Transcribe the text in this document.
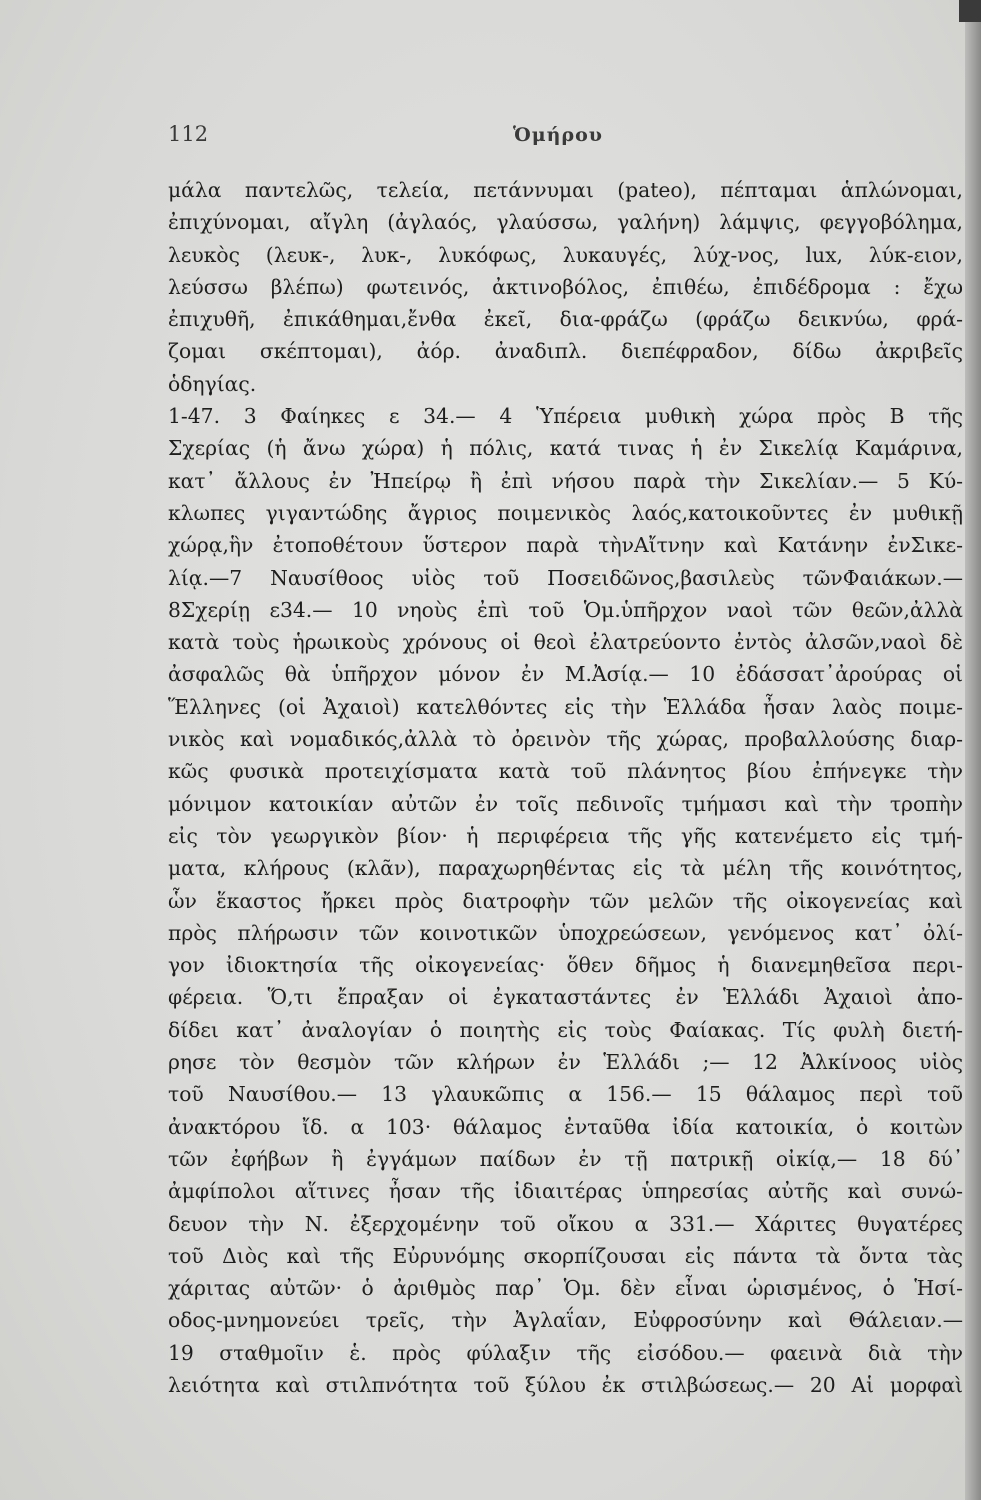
112	Ὁμήρου
μάλα παντελῶς, τελεία, πετάννυμαι (pateo), πέπταμαι ἁπλώνομαι,
ἐπιχύνομαι, αἴγλη (ἀγλαός, γλαύσσω, γαλήνη) λάμψις, φεγγοβόλημα,
λευκὸς (λευκ-, λυκ-, λυκόφως, λυκαυγές, λύχ-νος, lux, λύκ-ειον,
λεύσσω βλέπω) φωτεινός, ἀκτινοβόλος, ἐπιθέω, ἐπιδέδρομα : ἔχω
ἐπιχυθῆ, ἐπικάθημαι,ἔνθα ἐκεῖ, δια-φράζω (φράζω δεικνύω, φρά-
ζομαι σκέπτομαι), ἀόρ. ἀναδιπλ. διεπέφραδον, δίδω ἀκριβεῖς
ὁδηγίας.
1-47. 3 Φαίηκες ε 34.— 4 Ὑπέρεια μυθικὴ χώρα πρὸς Β τῆς
Σχερίας (ἡ ἄνω χώρα) ἡ πόλις, κατά τινας ἡ ἐν Σικελίᾳ Καμάρινα,
κατ᾽ ἄλλους ἐν Ἠπείρῳ ἢ ἐπὶ νήσου παρὰ τὴν Σικελίαν.— 5 Κύ-
κλωπες γιγαντώδης ἄγριος ποιμενικὸς λαός,κατοικοῦντες ἐν μυθικῇ
χώρᾳ,ἣν ἐτοποθέτουν ὕστερον παρὰ τὴνΑἴτνην καὶ Κατάνην ἐνΣικε-
λίᾳ.—7 Ναυσίθοος υἱὸς τοῦ Ποσειδῶνος,βασιλεὺς τῶνΦαιάκων.—
8Σχερίῃ ε34.— 10 νηοὺς ἐπὶ τοῦ Ὁμ.ὑπῆρχον ναοὶ τῶν θεῶν,ἀλλὰ
κατὰ τοὺς ἡρωικοὺς χρόνους οἱ θεοὶ ἐλατρεύοντο ἐντὸς ἀλσῶν,ναοὶ δὲ
ἀσφαλῶς θὰ ὑπῆρχον μόνον ἐν Μ.Ἀσίᾳ.— 10 ἐδάσσατ᾽ἀρούρας οἱ
Ἕλληνες (οἱ Ἀχαιοὶ) κατελθόντες εἰς τὴν Ἑλλάδα ἦσαν λαὸς ποιμε-
νικὸς καὶ νομαδικός,ἀλλὰ τὸ ὀρεινὸν τῆς χώρας, προβαλλούσης διαρ-
κῶς φυσικὰ προτειχίσματα κατὰ τοῦ πλάνητος βίου ἐπήνεγκε τὴν
μόνιμον κατοικίαν αὐτῶν ἐν τοῖς πεδινοῖς τμήμασι καὶ τὴν τροπὴν
εἰς τὸν γεωργικὸν βίον· ἡ περιφέρεια τῆς γῆς κατενέμετο εἰς τμή-
ματα, κλήρους (κλᾶν), παραχωρηθέντας εἰς τὰ μέλη τῆς κοινότητος,
ὧν ἕκαστος ἤρκει πρὸς διατροφὴν τῶν μελῶν τῆς οἰκογενείας καὶ
πρὸς πλήρωσιν τῶν κοινοτικῶν ὑποχρεώσεων, γενόμενος κατ᾽ ὀλί-
γον ἰδιοκτησία τῆς οἰκογενείας· ὅθεν δῆμος ἡ διανεμηθεῖσα περι-
φέρεια. Ὅ,τι ἔπραξαν οἱ ἐγκαταστάντες ἐν Ἑλλάδι Ἀχαιοὶ ἀπο-
δίδει κατ᾽ ἀναλογίαν ὁ ποιητὴς εἰς τοὺς Φαίακας. Τίς φυλὴ διετή-
ρησε τὸν θεσμὸν τῶν κλήρων ἐν Ἑλλάδι ;— 12 Ἀλκίνοος υἱὸς
τοῦ Ναυσίθου.— 13 γλαυκῶπις α 156.— 15 θάλαμος περὶ τοῦ
ἀνακτόρου ἴδ. α 103· θάλαμος ἐνταῦθα ἰδία κατοικία, ὁ κοιτὼν
τῶν ἐφήβων ἢ ἐγγάμων παίδων ἐν τῇ πατρικῇ οἰκίᾳ,— 18 δύ᾽
ἀμφίπολοι αἵτινες ἦσαν τῆς ἰδιαιτέρας ὑπηρεσίας αὐτῆς καὶ συνώ-
δευον τὴν Ν. ἐξερχομένην τοῦ οἴκου α 331.— Χάριτες θυγατέρες
τοῦ Διὸς καὶ τῆς Εὐρυνόμης σκορπίζουσαι εἰς πάντα τὰ ὄντα τὰς
χάριτας αὐτῶν· ὁ ἀριθμὸς παρ᾽ Ὁμ. δὲν εἶναι ὡρισμένος, ὁ Ἡσί-
οδος-μνημονεύει τρεῖς, τὴν Ἀγλαΐαν, Εὐφροσύνην καὶ Θάλειαν.—
19 σταθμοῖιν ἑ. πρὸς φύλαξιν τῆς εἰσόδου.— φαεινὰ διὰ τὴν
λειότητα καὶ στιλπνότητα τοῦ ξύλου ἐκ στιλβώσεως.— 20 Αἱ μορφαὶ
